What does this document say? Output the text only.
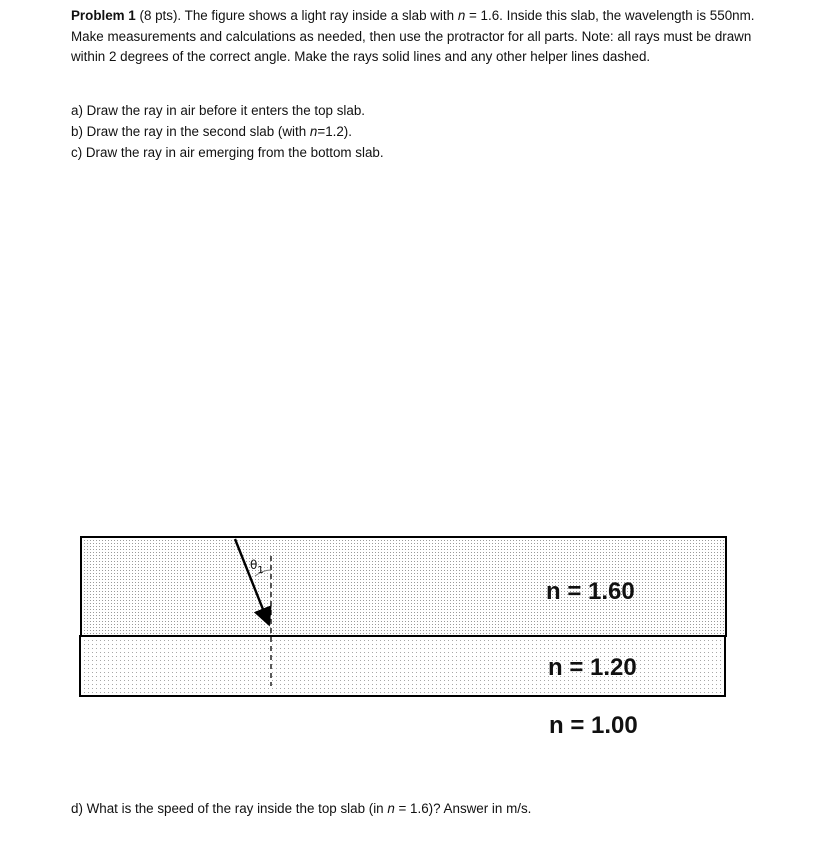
Problem 1 (8 pts). The figure shows a light ray inside a slab with n = 1.6. Inside this slab, the wavelength is 550nm. Make measurements and calculations as needed, then use the protractor for all parts. Note: all rays must be drawn within 2 degrees of the correct angle. Make the rays solid lines and any other helper lines dashed.

a) Draw the ray in air before it enters the top slab.
b) Draw the ray in the second slab (with n=1.2).
c) Draw the ray in air emerging from the bottom slab.
$\theta_1$
n = 1.60
n = 1.20
n = 1.00

d) What is the speed of the ray inside the top slab (in n = 1.6)? Answer in m/s.
